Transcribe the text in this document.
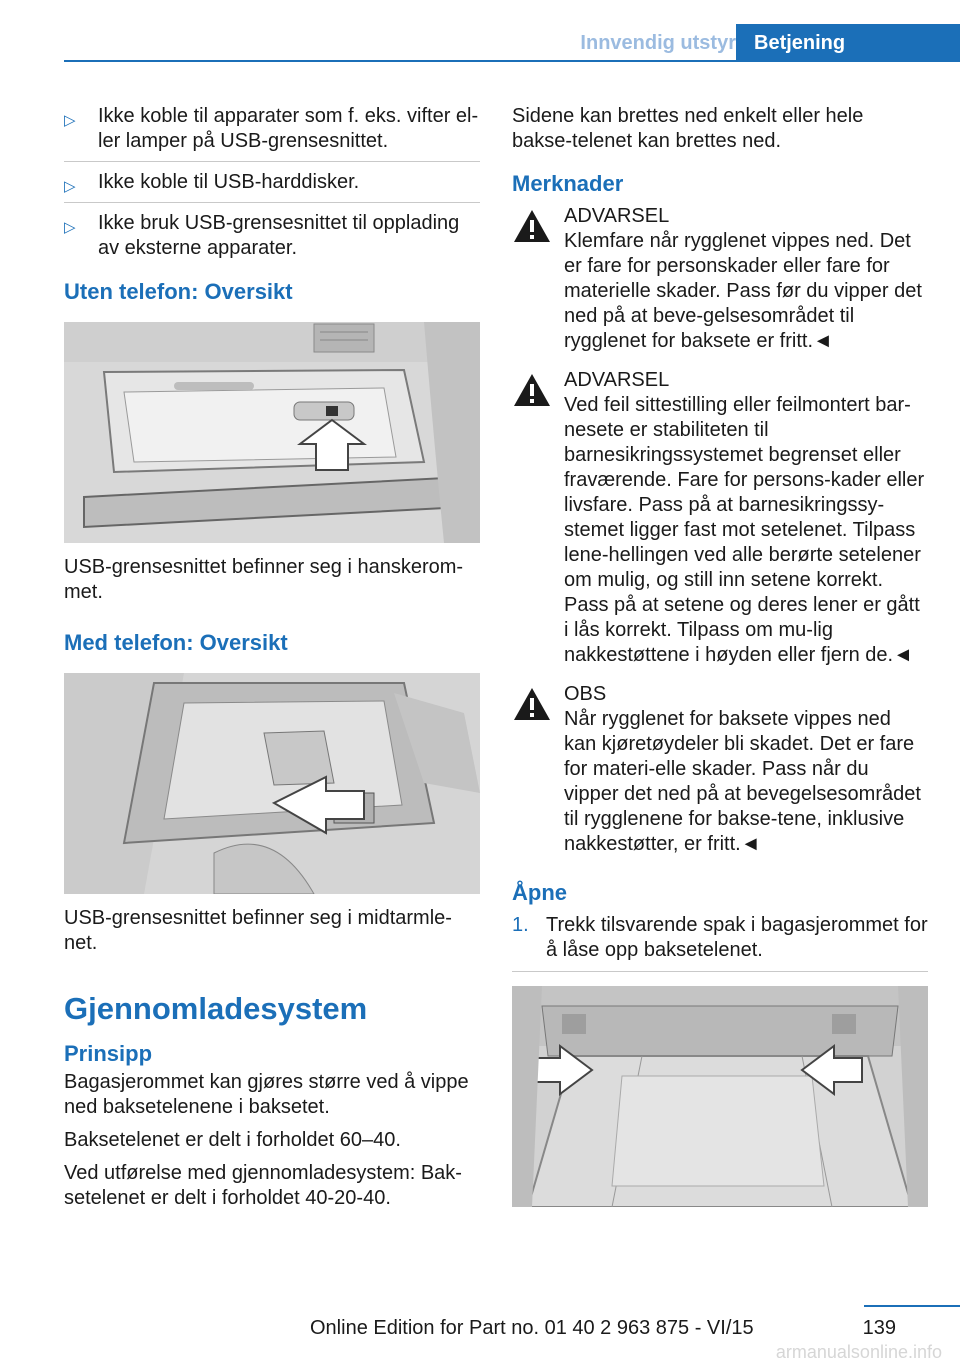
Innvendig utstyr Betjening
▷ Ikke koble til apparater som f. eks. vifter el-
ler lamper på USB-grensesnittet.
▷ Ikke koble til USB-harddisker.
▷ Ikke bruk USB-grensesnittet til opplading av eksterne apparater.
Uten telefon: Oversikt

USB-grensesnittet befinner seg i hanskerom-met.

Med telefon: Oversikt

USB-grensesnittet befinner seg i midtarmle-net.

Gjennomladesystem
Prinsipp

Bagasjerommet kan gjøres større ved å vippe ned baksetelenene i baksetet.

Baksetelenet er delt i forholdet 60–40.

Ved utførelse med gjennomladesystem: Bak-setelenet er delt i forholdet 40-20-40.

Sidene kan brettes ned enkelt eller hele bakse-telenet kan brettes ned.

Merknader
ADVARSEL
Klemfare når rygglenet vippes ned. Det er fare for personskader eller fare for materielle skader. Pass før du vipper det ned på at beve-gelsesområdet til rygglenet for baksete er fritt.◄
ADVARSEL
Ved feil sittestilling eller feilmontert bar-nesete er stabiliteten til barnesikringssystemet begrenset eller fraværende. Fare for persons-kader eller livsfare. Pass på at barnesikringssy-stemet ligger fast mot setelenet. Tilpass lene-hellingen ved alle berørte setelener om mulig, og still inn setene korrekt. Pass på at setene og deres lener er gått i lås korrekt. Tilpass om mu-lig nakkestøttene i høyden eller fjern de.◄
OBS
Når rygglenet for baksete vippes ned kan kjøretøydeler bli skadet. Det er fare for materi-elle skader. Pass når du vipper det ned på at bevegelsesområdet til rygglenene for bakse-tene, inklusive nakkestøtter, er fritt.◄
Åpne
1. Trekk tilsvarende spak i bagasjerommet for å låse opp baksetelenet.
139
Online Edition for Part no. 01 40 2 963 875 - VI/15
armanualsonline.info
